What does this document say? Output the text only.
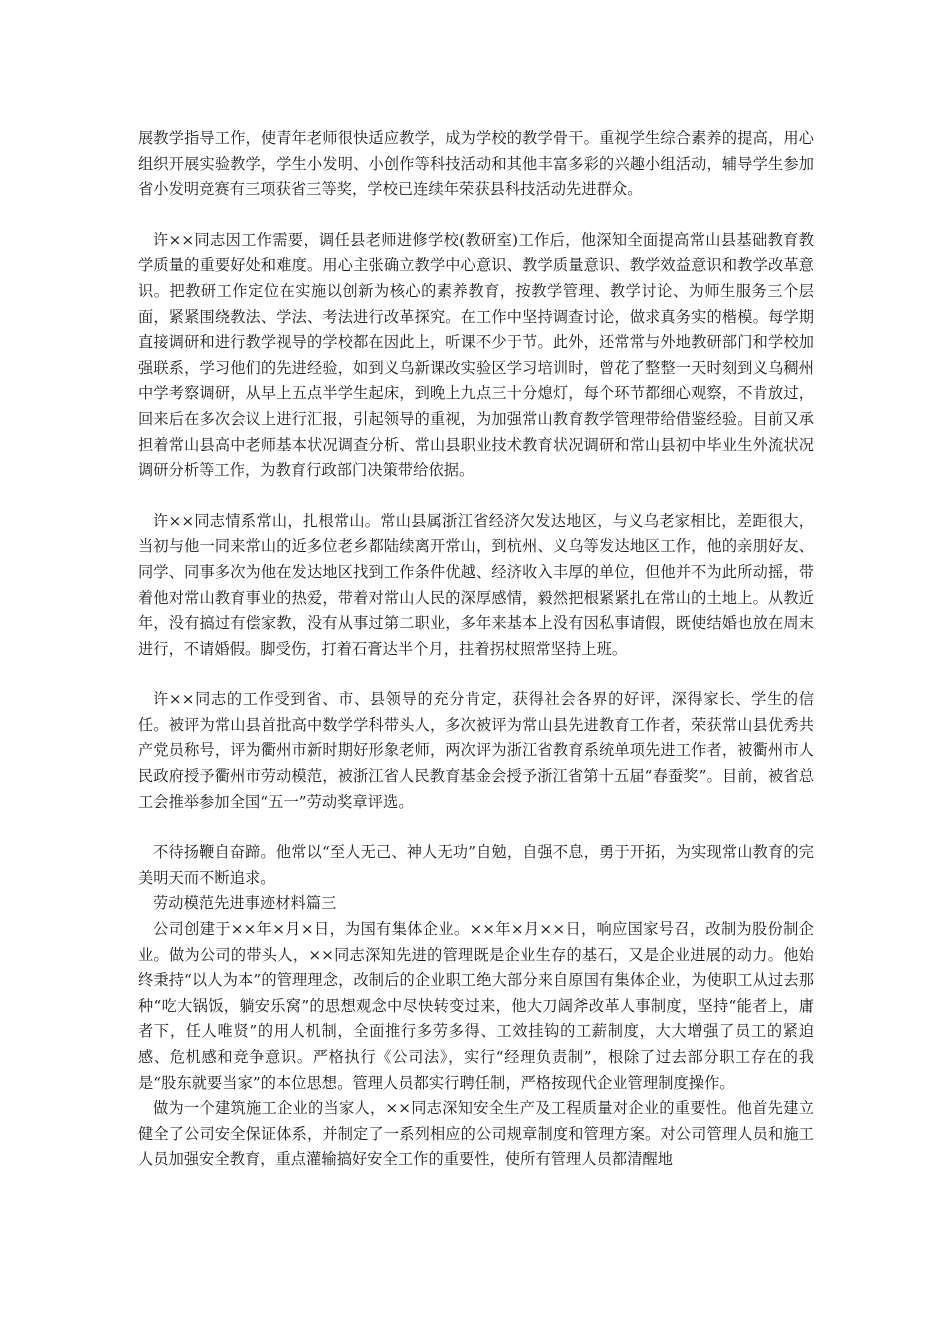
展教学指导工作，使青年老师很快适应教学，成为学校的教学骨干。重视学生综合素养的提高，用心组织开展实验教学，学生小发明、小创作等科技活动和其他丰富多彩的兴趣小组活动，辅导学生参加省小发明竞赛有三项获省三等奖，学校已连续年荣获县科技活动先进群众。

许××同志因工作需要，调任县老师进修学校(教研室)工作后，他深知全面提高常山县基础教育教学质量的重要好处和难度。用心主张确立教学中心意识、教学质量意识、教学效益意识和教学改革意识。把教研工作定位在实施以创新为核心的素养教育，按教学管理、教学讨论、为师生服务三个层面，紧紧围绕教法、学法、考法进行改革探究。在工作中坚持调查讨论，做求真务实的楷模。每学期直接调研和进行教学视导的学校都在因此上，听课不少于节。此外，还常常与外地教研部门和学校加强联系，学习他们的先进经验，如到义乌新课改实验区学习培训时，曾花了整整一天时刻到义乌稠州中学考察调研，从早上五点半学生起床，到晚上九点三十分熄灯，每个环节都细心观察，不肯放过，回来后在多次会议上进行汇报，引起领导的重视，为加强常山教育教学管理带给借鉴经验。目前又承担着常山县高中老师基本状况调查分析、常山县职业技术教育状况调研和常山县初中毕业生外流状况调研分析等工作，为教育行政部门决策带给依据。

许××同志情系常山，扎根常山。常山县属浙江省经济欠发达地区，与义乌老家相比，差距很大，当初与他一同来常山的近多位老乡都陆续离开常山，到杭州、义乌等发达地区工作，他的亲朋好友、同学、同事多次为他在发达地区找到工作条件优越、经济收入丰厚的单位，但他并不为此所动摇，带着他对常山教育事业的热爱，带着对常山人民的深厚感情，毅然把根紧紧扎在常山的土地上。从教近年，没有搞过有偿家教，没有从事过第二职业，多年来基本上没有因私事请假，既使结婚也放在周末进行，不请婚假。脚受伤，打着石膏达半个月，拄着拐杖照常坚持上班。

许××同志的工作受到省、市、县领导的充分肯定，获得社会各界的好评，深得家长、学生的信任。被评为常山县首批高中数学学科带头人，多次被评为常山县先进教育工作者，荣获常山县优秀共产党员称号，评为衢州市新时期好形象老师，两次评为浙江省教育系统单项先进工作者，被衢州市人民政府授予衢州市劳动模范，被浙江省人民教育基金会授予浙江省第十五届“春蚕奖”。目前，被省总工会推举参加全国“五一”劳动奖章评选。

不待扬鞭自奋蹄。他常以“至人无己、神人无功”自勉，自强不息，勇于开拓，为实现常山教育的完美明天而不断追求。

劳动模范先进事迹材料篇三

公司创建于××年×月×日，为国有集体企业。××年×月××日，响应国家号召，改制为股份制企业。做为公司的带头人，××同志深知先进的管理既是企业生存的基石，又是企业进展的动力。他始终秉持“以人为本”的管理理念，改制后的企业职工绝大部分来自原国有集体企业，为使职工从过去那种“吃大锅饭，躺安乐窝”的思想观念中尽快转变过来，他大刀阔斧改革人事制度，坚持“能者上，庸者下，任人唯贤”的用人机制，全面推行多劳多得、工效挂钩的工薪制度，大大增强了员工的紧迫感、危机感和竞争意识。严格执行《公司法》，实行“经理负责制”，根除了过去部分职工存在的我是“股东就要当家”的本位思想。管理人员都实行聘任制，严格按现代企业管理制度操作。

做为一个建筑施工企业的当家人，××同志深知安全生产及工程质量对企业的重要性。他首先建立健全了公司安全保证体系，并制定了一系列相应的公司规章制度和管理方案。对公司管理人员和施工人员加强安全教育，重点灌输搞好安全工作的重要性，使所有管理人员都清醒地
